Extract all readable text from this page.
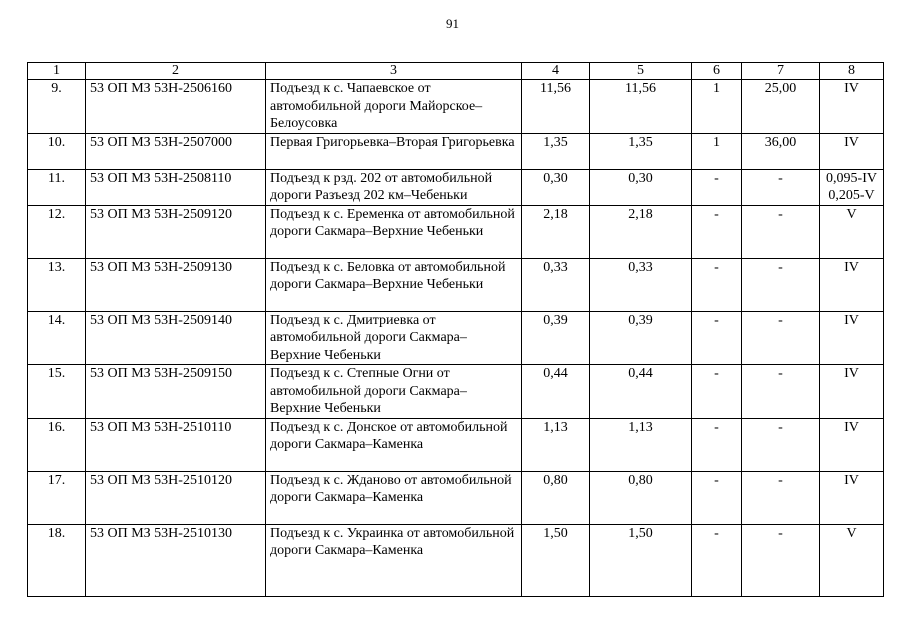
91
1	2	3	4	5	6	7	8
9.	53 ОП МЗ 53Н-2506160	Подъезд к с. Чапаевское от автомобильной дороги Майорское–Белоусовка	11,56	11,56	1	25,00	IV

10.	53 ОП МЗ 53Н-2507000	Первая Григорьевка–Вторая Григорьевка	1,35	1,35	1	36,00	IV

11.	53 ОП МЗ 53Н-2508110	Подъезд к рзд. 202 от автомобильной дороги Разъезд 202 км–Чебеньки	0,30	0,30	-	-	0,095-IV
0,205-V

12.	53 ОП МЗ 53Н-2509120	Подъезд к с. Еременка от автомобильной дороги Сакмара–Верхние Чебеньки	2,18	2,18	-	-	V

13.	53 ОП МЗ 53Н-2509130	Подъезд к с. Беловка от автомобильной дороги Сакмара–Верхние Чебеньки	0,33	0,33	-	-	IV

14.	53 ОП МЗ 53Н-2509140	Подъезд к с. Дмитриевка от автомобильной дороги Сакмара–Верхние Чебеньки	0,39	0,39	-	-	IV

15.	53 ОП МЗ 53Н-2509150	Подъезд к с. Степные Огни от автомобильной дороги Сакмара–Верхние Чебеньки	0,44	0,44	-	-	IV

16.	53 ОП МЗ 53Н-2510110	Подъезд к с. Донское от автомобильной дороги Сакмара–Каменка	1,13	1,13	-	-	IV

17.	53 ОП МЗ 53Н-2510120	Подъезд к с. Жданово от автомобильной дороги Сакмара–Каменка	0,80	0,80	-	-	IV

18.	53 ОП МЗ 53Н-2510130	Подъезд к с. Украинка от автомобильной дороги Сакмара–Каменка	1,50	1,50	-	-	V
